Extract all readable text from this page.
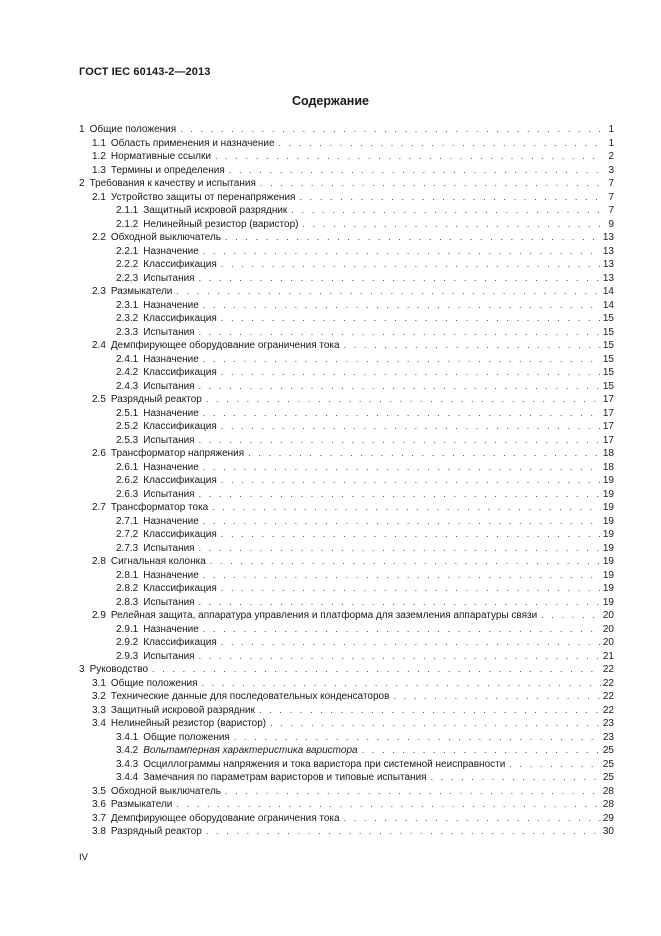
ГОСТ IEC 60143-2—2013
Содержание
1 Общие положения . . .	1
1.1 Область применения и назначение . . .	1
1.2 Нормативные ссылки . . .	2
1.3 Термины и определения . . .	3
2 Требования к качеству и испытания . . .	7
2.1 Устройство защиты от перенапряжения . . .	7
2.1.1 Защитный искровой разрядник . . .	7
2.1.2 Нелинейный резистор (варистор) . . .	9
2.2 Обходной выключатель . . .	13
2.2.1 Назначение . . .	13
2.2.2 Классификация . . .	13
2.2.3 Испытания . . .	13
2.3 Размыкатели . . .	14
2.3.1 Назначение . . .	14
2.3.2 Классификация . . .	15
2.3.3 Испытания . . .	15
2.4 Демпфирующее оборудование ограничения тока . . .	15
2.4.1 Назначение . . .	15
2.4.2 Классификация . . .	15
2.4.3 Испытания . . .	15
2.5 Разрядный реактор . . .	17
2.5.1 Назначение . . .	17
2.5.2 Классификация . . .	17
2.5.3 Испытания . . .	17
2.6 Трансформатор напряжения . . .	18
2.6.1 Назначение . . .	18
2.6.2 Классификация . . .	19
2.6.3 Испытания . . .	19
2.7 Трансформатор тока . . .	19
2.7.1 Назначение . . .	19
2.7.2 Классификация . . .	19
2.7.3 Испытания . . .	19
2.8 Сигнальная колонка . . .	19
2.8.1 Назначение . . .	19
2.8.2 Классификация . . .	19
2.8.3 Испытания . . .	19
2.9 Релейная защита, аппаратура управления и платформа для заземления аппаратуры связи . . .	20
2.9.1 Назначение . . .	20
2.9.2 Классификация . . .	20
2.9.3 Испытания . . .	21
3 Руководство . . .	22
3.1 Общие положения . . .	22
3.2 Технические данные для последовательных конденсаторов . . .	22
3.3 Защитный искровой разрядник . . .	22
3.4 Нелинейный резистор (варистор) . . .	23
3.4.1 Общие положения . . .	23
3.4.2 Вольтамперная характеристика варистора . . .	25
3.4.3 Осциллограммы напряжения и тока варистора при системной неисправности . . .	25
3.4.4 Замечания по параметрам варисторов и типовые испытания . . .	25
3.5 Обходной выключатель . . .	28
3.6 Размыкатели . . .	28
3.7 Демпфирующее оборудование ограничения тока . . .	29
3.8 Разрядный реактор . . .	30
IV
